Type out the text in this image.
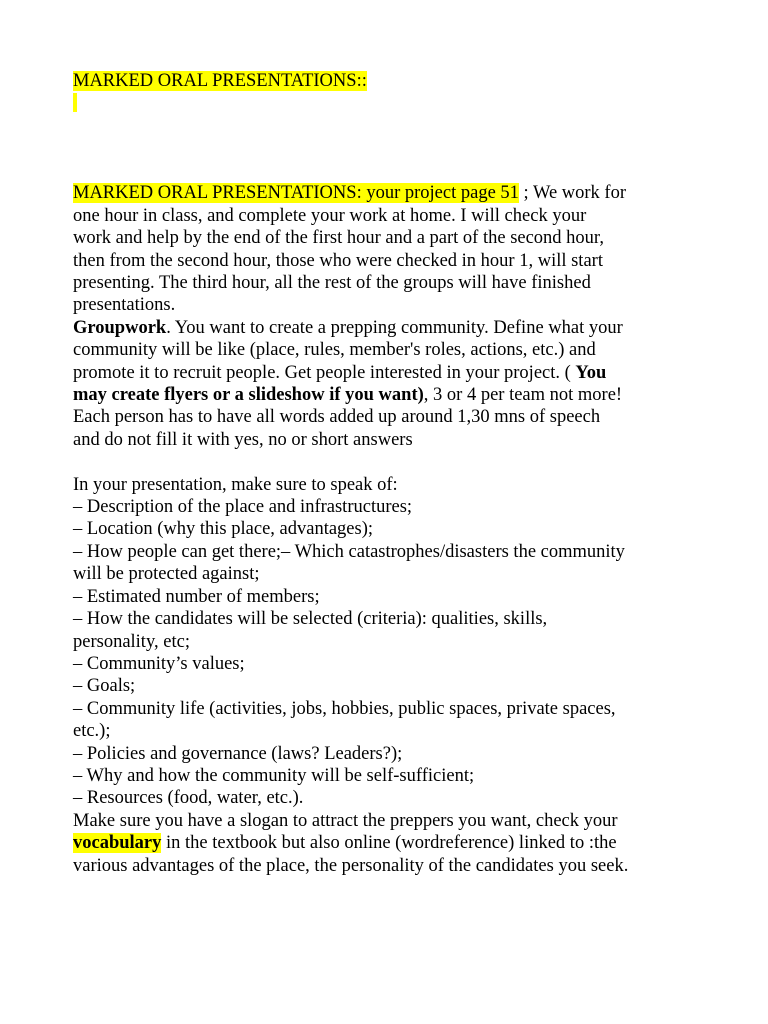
MARKED ORAL PRESENTATIONS::

MARKED ORAL PRESENTATIONS: your project page 51 ; We work for
one hour in class, and complete your work at home. I will check your
work and help by the end of the first hour and a part of the second hour,
then from the second hour, those who were checked in hour 1, will start
presenting. The third hour, all the rest of the groups will have finished
presentations.

Groupwork. You want to create a prepping community. Define what your
community will be like (place, rules, member's roles, actions, etc.) and
promote it to recruit people. Get people interested in your project. ( You
may create flyers or a slideshow if you want), 3 or 4 per team not more!
Each person has to have all words added up around 1,30 mns of speech
and do not fill it with yes, no or short answers

In your presentation, make sure to speak of:
– Description of the place and infrastructures;
– Location (why this place, advantages);
– How people can get there;– Which catastrophes/disasters the community
will be protected against;
– Estimated number of members;
– How the candidates will be selected (criteria): qualities, skills,
personality, etc;
– Community’s values;
– Goals;
– Community life (activities, jobs, hobbies, public spaces, private spaces,
etc.);
– Policies and governance (laws? Leaders?);
– Why and how the community will be self-sufficient;
– Resources (food, water, etc.).

Make sure you have a slogan to attract the preppers you want, check your
vocabulary in the textbook but also online (wordreference) linked to :the
various advantages of the place, the personality of the candidates you seek.
